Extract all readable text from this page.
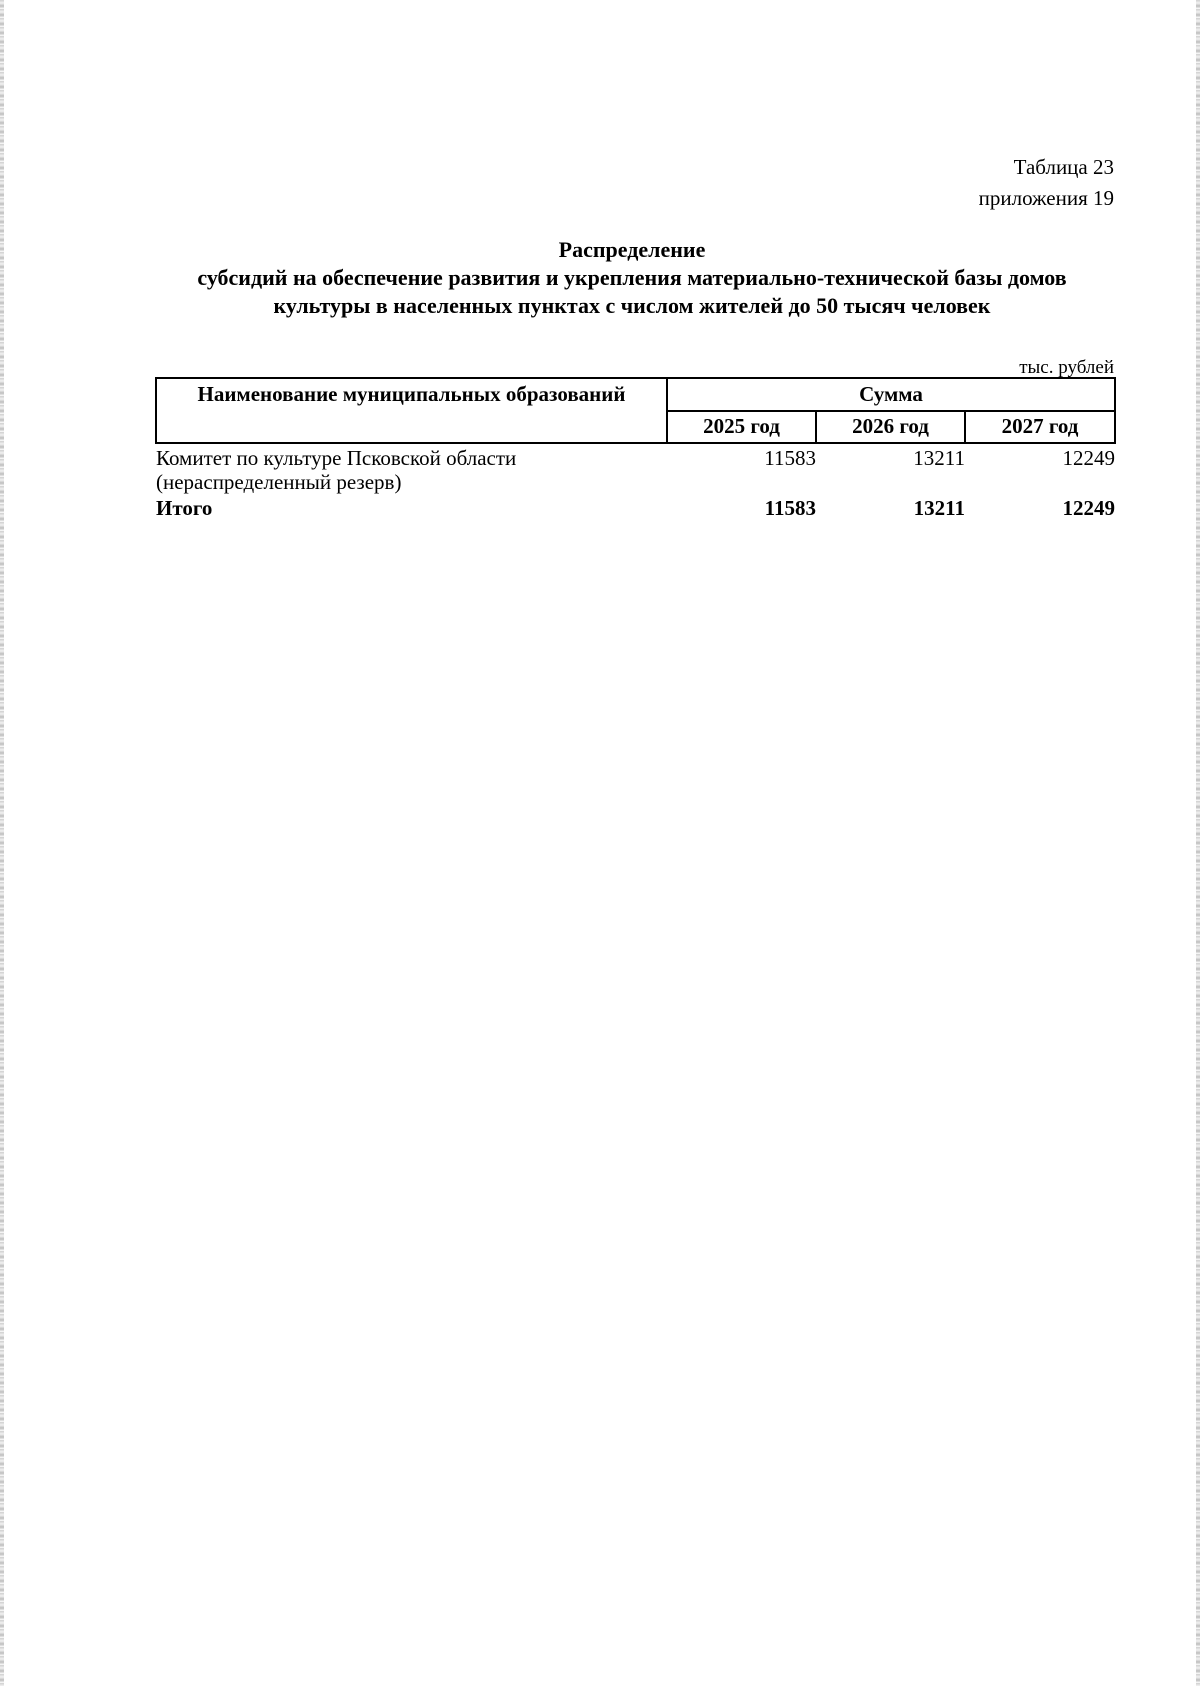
Таблица 23
приложения 19
Распределение
субсидий на обеспечение развития и укрепления материально-технической базы домов
культуры в населенных пунктах с числом жителей до 50 тысяч человек
тыс. рублей
Наименование муниципальных образований	Сумма		
	2025 год	2026 год	2027 год

Комитет по культуре Псковской области
(нераспределенный резерв)	11583	13211	12249
Итого	11583	13211	12249
